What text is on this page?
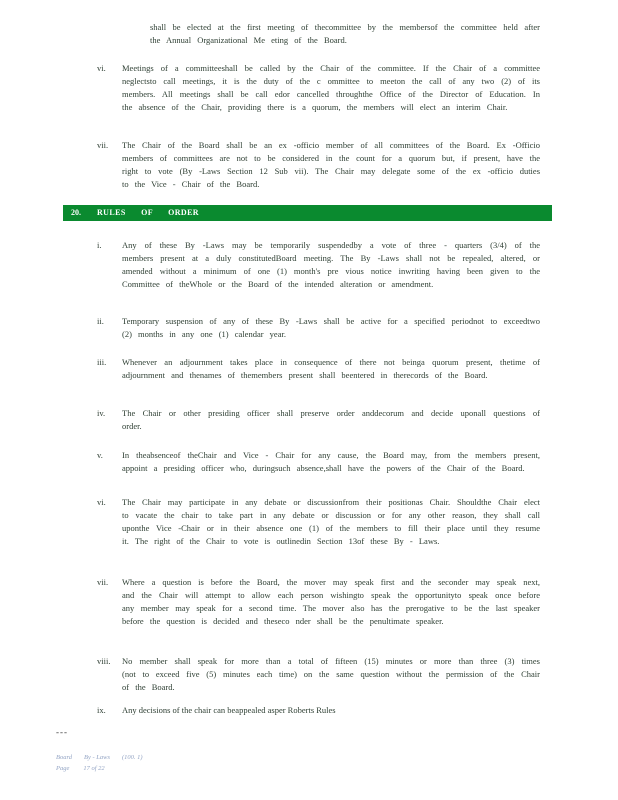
shall be elected at the first meeting of thecommittee by the membersof the committee held after the Annual Organizational Me eting of the Board.
vi. Meetings of a committeeshall be called by the Chair of the committee. If the Chair of a committee neglectsto call meetings, it is the duty of the c ommittee to meeton the call of any two (2) of its members. All meetings shall be call edor cancelled throughthe Office of the Director of Education. In the absence of the Chair, providing there is a quorum, the members will elect an interim Chair.
vii. The Chair of the Board shall be an ex -officio member of all committees of the Board. Ex -Officio members of committees are not to be considered in the count for a quorum but, if present, have the right to vote (By -Laws Section 12 Sub vii). The Chair may delegate some of the ex -officio duties to the Vice - Chair of the Board.
20. RULES OF ORDER
i. Any of these By -Laws may be temporarily suspendedby a vote of three - quarters (3/4) of the members present at a duly constitutedBoard meeting. The By -Laws shall not be repealed, altered, or amended without a minimum of one (1) month's pre vious notice inwriting having been given to the Committee of theWhole or the Board of the intended alteration or amendment.
ii. Temporary suspension of any of these By -Laws shall be active for a specified periodnot to exceedtwo (2) months in any one (1) calendar year.
iii. Whenever an adjournment takes place in consequence of there not beinga quorum present, thetime of adjournment and thenames of themembers present shall beentered in therecords of the Board.
iv. The Chair or other presiding officer shall preserve order anddecorum and decide uponall questions of order.
v. In theabsenceof theChair and Vice - Chair for any cause, the Board may, from the members present, appoint a presiding officer who, duringsuch absence,shall have the powers of the Chair of the Board.
vi. The Chair may participate in any debate or discussionfrom their positionas Chair. Shouldthe Chair elect to vacate the chair to take part in any debate or discussion or for any other reason, they shall call uponthe Vice -Chair or in their absence one (1) of the members to fill their place until they resume it. The right of the Chair to vote is outlinedin Section 13of these By - Laws.
vii. Where a question is before the Board, the mover may speak first and the seconder may speak next, and the Chair will attempt to allow each person wishingto speak the opportunityto speak once before any member may speak for a second time. The mover also has the prerogative to be the last speaker before the question is decided and theseco nder shall be the penultimate speaker.
viii. No member shall speak for more than a total of fifteen (15) minutes or more than three (3) times (not to exceed five (5) minutes each time) on the same question without the permission of the Chair of the Board.
ix. Any decisions of the chair can beappealed asper Roberts Rules
---
Board By - Laws (100. 1)
Page 17 of 22
